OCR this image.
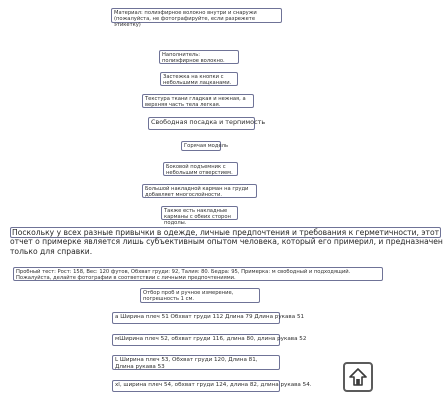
Материал: полиэфирное волокно внутри и снаружи (пожалуйста, не фотографируйте, если разрежете этикетку)
Наполнитель: полиэфирное волокно.
Застежка на кнопки с небольшими лацканами.
Текстура ткани гладкая и нежная, а верхняя часть тела легкая.
Свободная посадка и терпимость
Горячая модель
Боковой подъемник с небольшим отверстием.
Большой накладной карман на груди добавляет многослойности.
Также есть накладные карманы с обеих сторон подолы.
Поскольку у всех разные привычки в одежде, личные предпочтения и требования к герметичности, этот
отчет о примерке является лишь субъективным опытом человека, который его примерил, и предназначен
только для справки.
Пробный тест: Рост: 158, Вес: 120 футов, Обхват груди: 92, Талия: 80. Бедра: 95, Примерка: м свободный и подходящий. Пожалуйста, делайте фотографии в соответствии с личными предпочтениями.
Отбор проб и ручное измерение, погрешность 1 см.
а Ширина плеч 51 Обхват груди 112 Длина 79 Длина рукава 51
мШирина плеч 52, обхват груди 116, длина 80, длина рукава 52
L Ширина плеч 53, Обхват груди 120, Длина 81, Длина рукава 53
xl, ширина плеч 54, обхват груди 124, длина 82, длина рукава 54.
